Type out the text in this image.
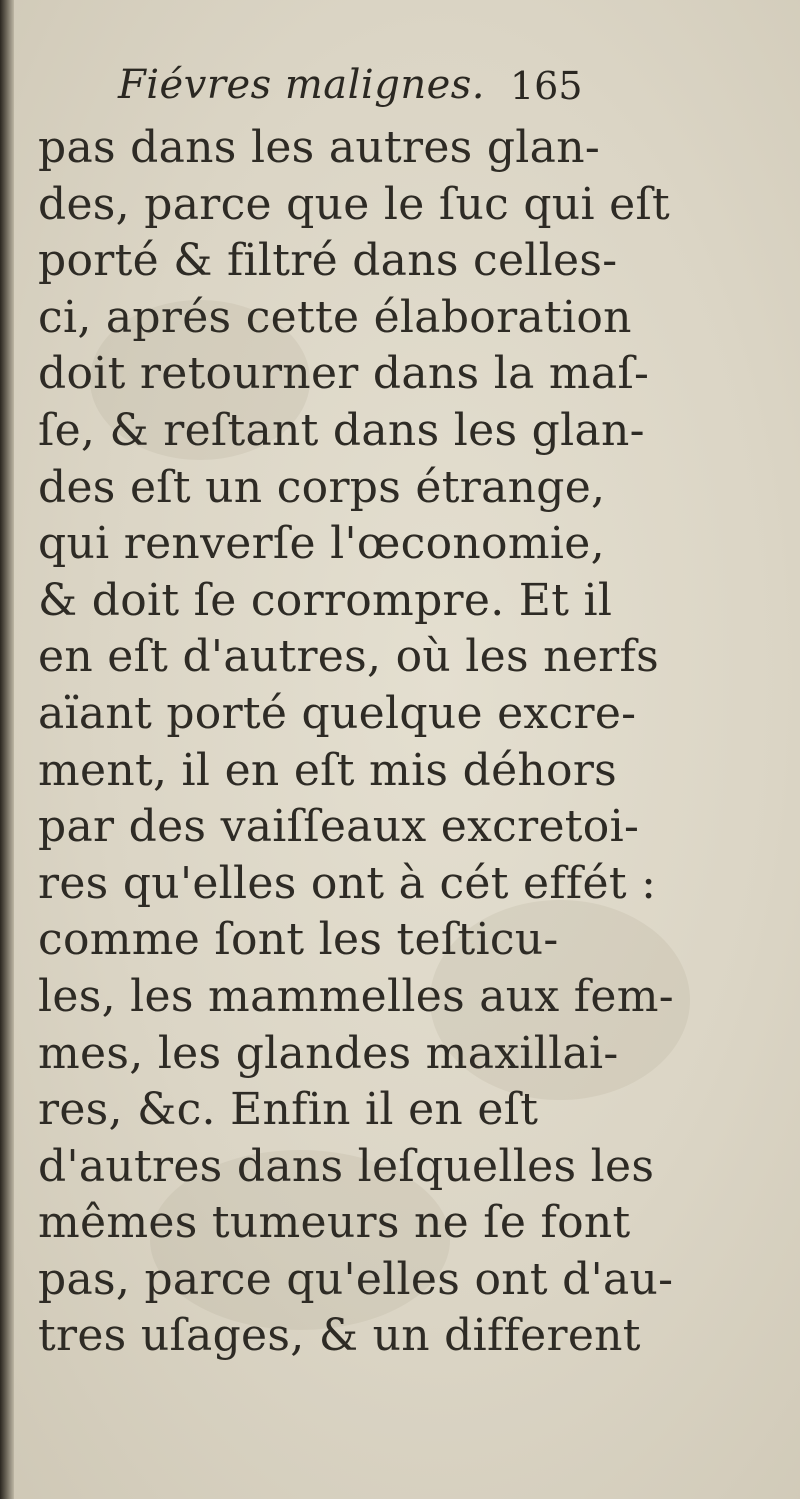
Fiévres malignes. 165
pas dans les autres glan-
des, parce que le ſuc qui eſt
porté & filtré dans celles-
ci, aprés cette élaboration
doit retourner dans la maſ-
ſe, & reſtant dans les glan-
des eſt un corps étrange,
qui renverſe l'œconomie,
& doit ſe corrompre. Et il
en eſt d'autres, où les nerfs
aïant porté quelque excre-
ment, il en eſt mis déhors
par des vaiſſeaux excretoi-
res qu'elles ont à cét effét :
comme ſont les teſticu-
les, les mammelles aux fem-
mes, les glandes maxillai-
res, &c. Enfin il en eſt
d'autres dans leſquelles les
mêmes tumeurs ne ſe font
pas, parce qu'elles ont d'au-
tres uſages, & un different
